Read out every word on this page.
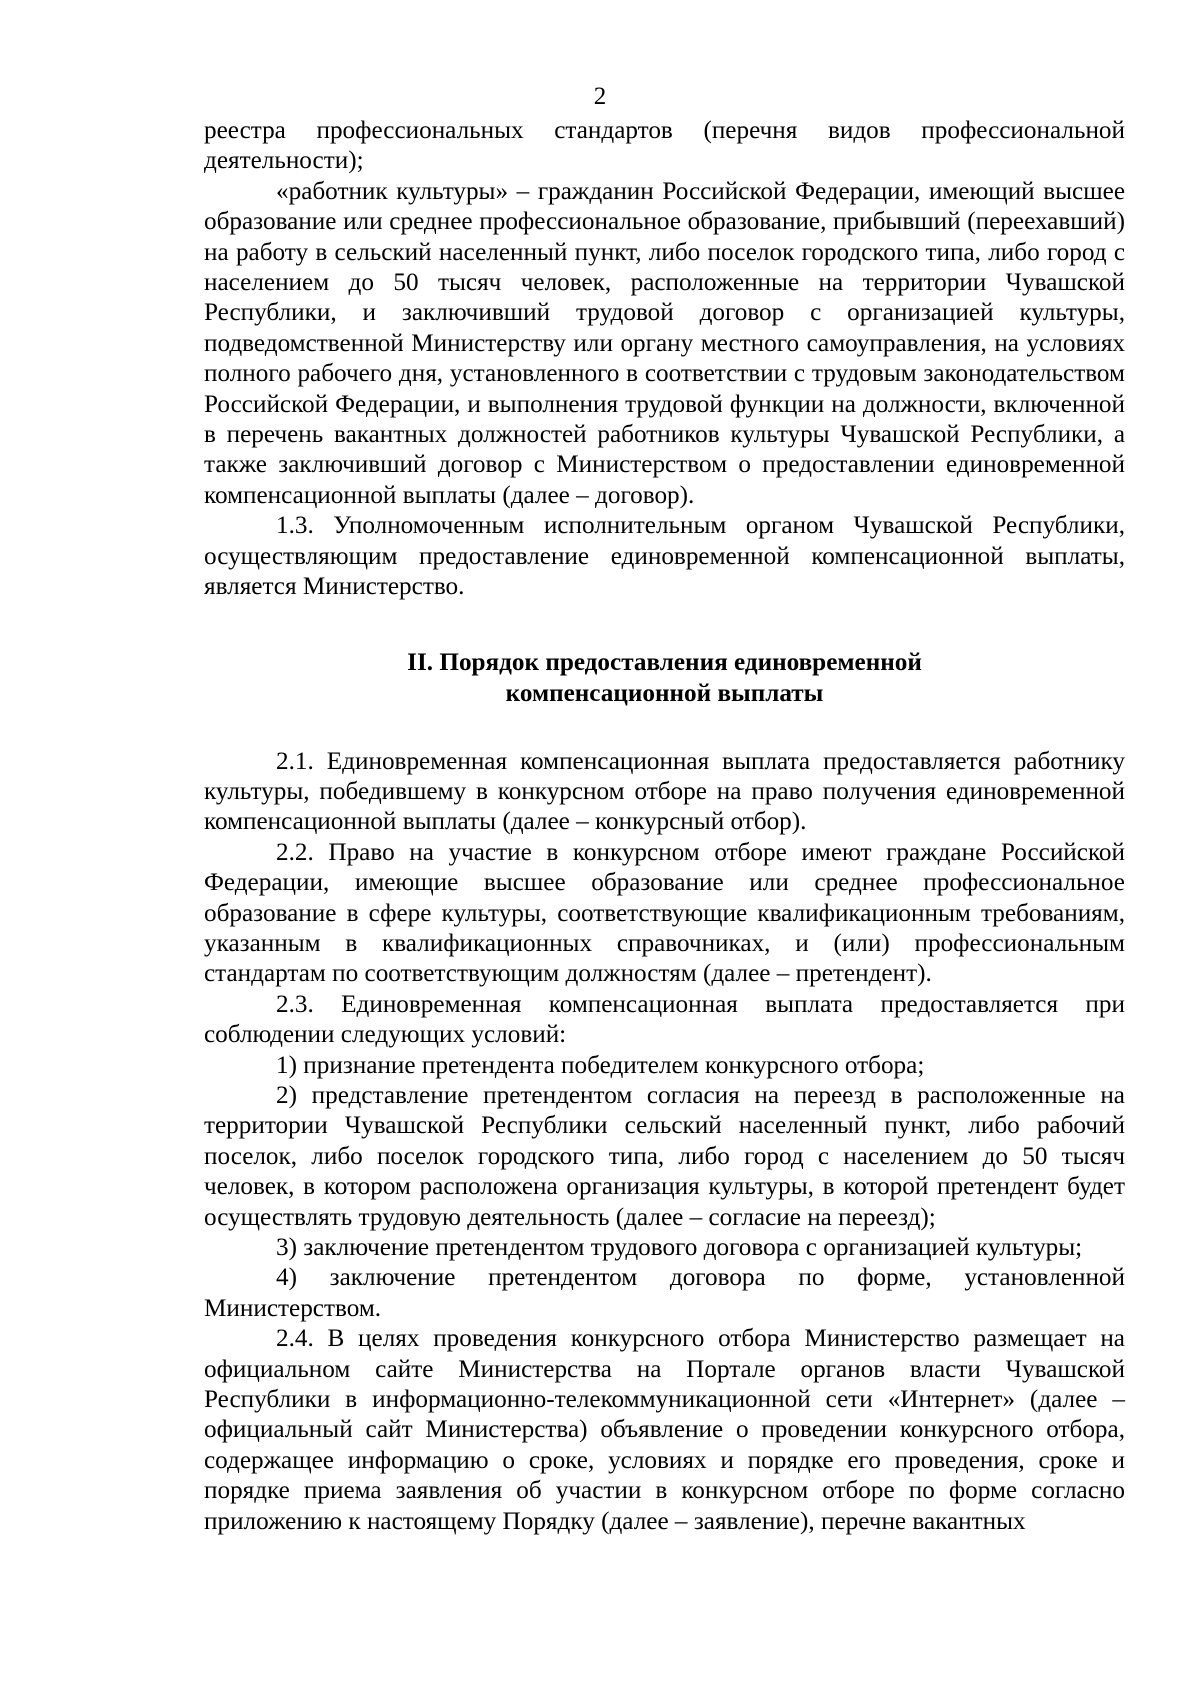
2

реестра профессиональных стандартов (перечня видов профессиональной деятельности);

«работник культуры» – гражданин Российской Федерации, имеющий высшее образование или среднее профессиональное образование, прибывший (переехавший) на работу в сельский населенный пункт, либо поселок городского типа, либо город с населением до 50 тысяч человек, расположенные на территории Чувашской Республики, и заключивший трудовой договор с организацией культуры, подведомственной Министерству или органу местного самоуправления, на условиях полного рабочего дня, установленного в соответствии с трудовым законодательством Российской Федерации, и выполнения трудовой функции на должности, включенной в перечень вакантных должностей работников культуры Чувашской Республики, а также заключивший договор с Министерством о предоставлении единовременной компенсационной выплаты (далее – договор).

1.3. Уполномоченным исполнительным органом Чувашской Республики, осуществляющим предоставление единовременной компенсационной выплаты, является Министерство.

II. Порядок предоставления единовременной
компенсационной выплаты

2.1. Единовременная компенсационная выплата предоставляется работнику культуры, победившему в конкурсном отборе на право получения единовременной компенсационной выплаты (далее – конкурсный отбор).

2.2. Право на участие в конкурсном отборе имеют граждане Российской Федерации, имеющие высшее образование или среднее профессиональное образование в сфере культуры, соответствующие квалификационным требованиям, указанным в квалификационных справочниках, и (или) профессиональным стандартам по соответствующим должностям (далее – претендент).

2.3. Единовременная компенсационная выплата предоставляется при соблюдении следующих условий:

1) признание претендента победителем конкурсного отбора;

2) представление претендентом согласия на переезд в расположенные на территории Чувашской Республики сельский населенный пункт, либо рабочий поселок, либо поселок городского типа, либо город с населением до 50 тысяч человек, в котором расположена организация культуры, в которой претендент будет осуществлять трудовую деятельность (далее – согласие на переезд);

3) заключение претендентом трудового договора с организацией культуры;

4) заключение претендентом договора по форме, установленной Министерством.

2.4. В целях проведения конкурсного отбора Министерство размещает на официальном сайте Министерства на Портале органов власти Чувашской Республики в информационно-телекоммуникационной сети «Интернет» (далее – официальный сайт Министерства) объявление о проведении конкурсного отбора, содержащее информацию о сроке, условиях и порядке его проведения, сроке и порядке приема заявления об участии в конкурсном отборе по форме согласно приложению к настоящему Порядку (далее – заявление), перечне вакантных
